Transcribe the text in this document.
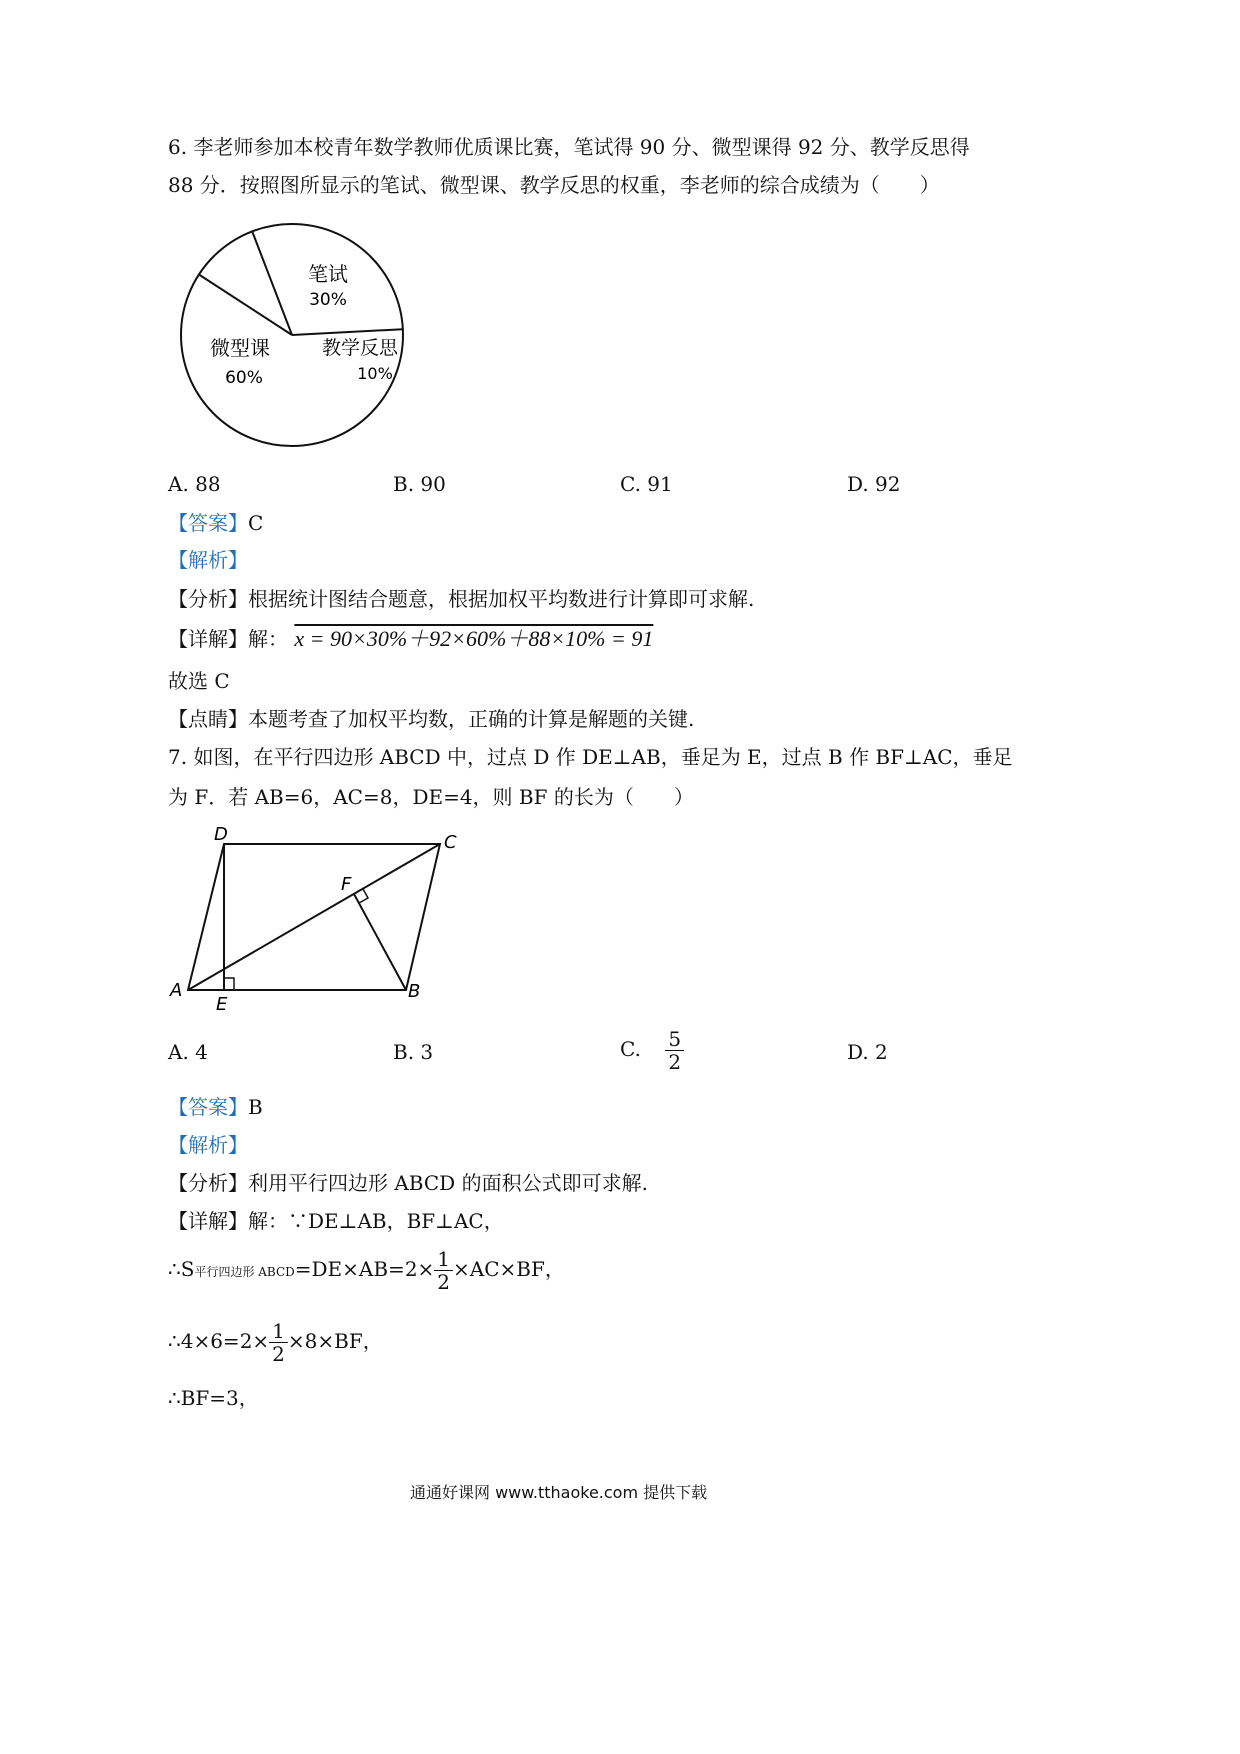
6. 李老师参加本校青年数学教师优质课比赛，笔试得 90 分、微型课得 92 分、教学反思得
88 分．按照图所显示的笔试、微型课、教学反思的权重，李老师的综合成绩为（　　）
笔试
30%
微型课
60%
教学反思
10%
A. 88	B. 90	C. 91	D. 92
【答案】C
【解析】
【分析】根据统计图结合题意，根据加权平均数进行计算即可求解.
【详解】解： x = 90×30%＋92×60%＋88×10% = 91
故选 C
【点睛】本题考查了加权平均数，正确的计算是解题的关键.
7. 如图，在平行四边形 ABCD 中，过点 D 作 DE⊥AB，垂足为 E，过点 B 作 BF⊥AC，垂足
为 F．若 AB=6，AC=8，DE=4，则 BF 的长为（　　）
A	B
C
D
E
F
A. 4	B. 3	C. $\frac{5}{2}$	D. 2
【答案】B
【解析】
【分析】利用平行四边形 ABCD 的面积公式即可求解.
【详解】解：∵DE⊥AB，BF⊥AC，
∴S平行四边形 ABCD=DE×AB=2× $\frac{1}{2} \times AC\times BF$，
∴4×6=2× $\frac{1}{2} \times 8\times BF$，
∴BF=3，
通通好课网 www.tthaoke.com 提供下载
